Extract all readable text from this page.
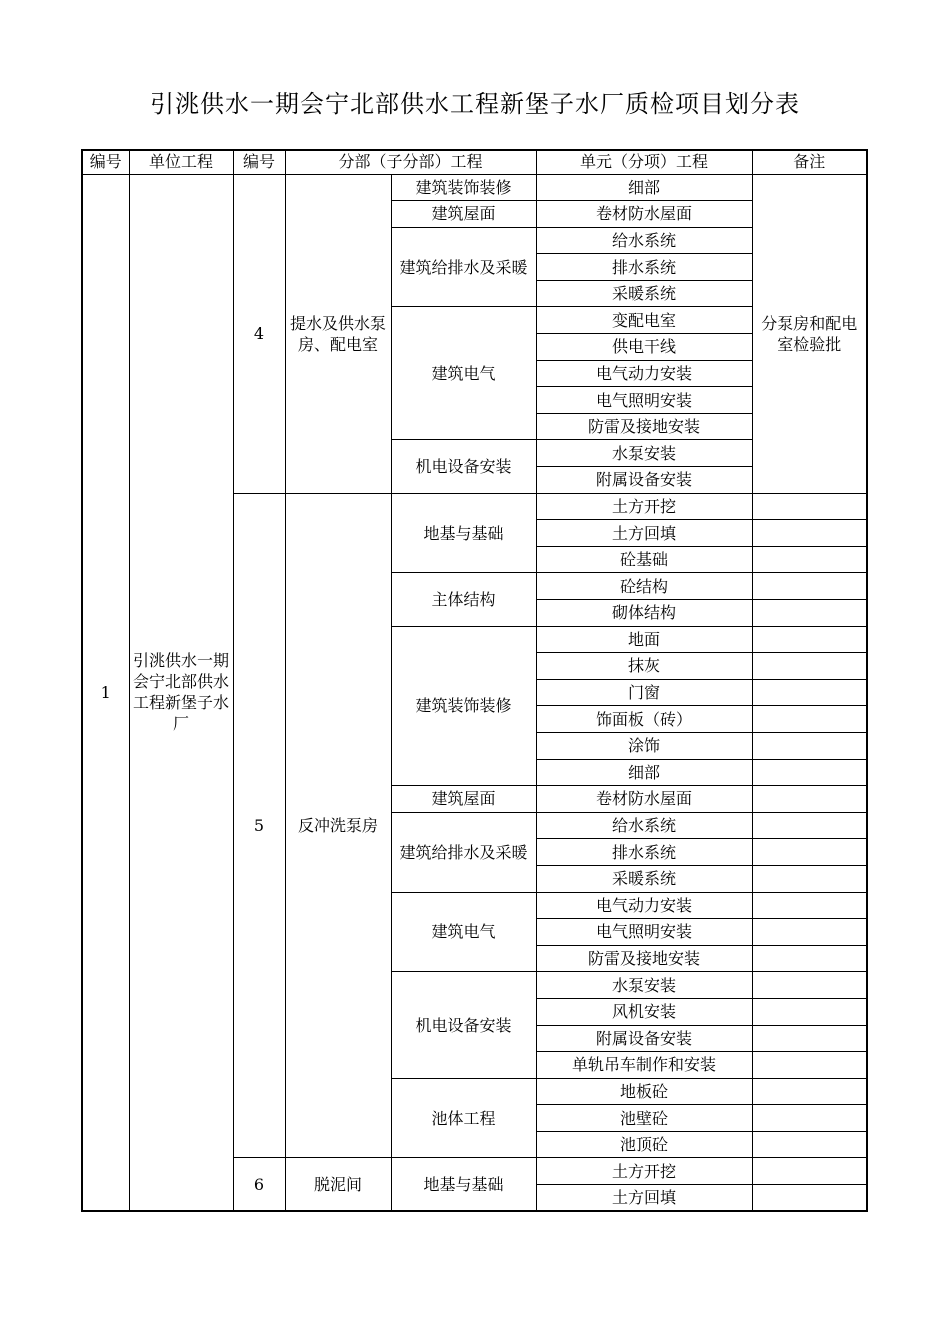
引洮供水一期会宁北部供水工程新堡子水厂质检项目划分表
编号	单位工程	编号	分部（子分部）工程		单元（分项）工程	备注
1	引洮供水一期会宁北部供水工程新堡子水厂	4	提水及供水泵房、配电室	建筑装饰装修	细部	分泵房和配电室检验批
				建筑屋面	卷材防水屋面	
				建筑给排水及采暖	给水系统	
					排水系统	
					采暖系统	
				建筑电气	变配电室	
					供电干线	
					电气动力安装	
					电气照明安装	
					防雷及接地安装	
				机电设备安装	水泵安装	
					附属设备安装	
		5	反冲洗泵房	地基与基础	土方开挖	
					土方回填	
					砼基础	
				主体结构	砼结构	
					砌体结构	
				建筑装饰装修	地面	
					抹灰	
					门窗	
					饰面板（砖）	
					涂饰	
					细部	
				建筑屋面	卷材防水屋面	
				建筑给排水及采暖	给水系统	
					排水系统	
					采暖系统	
				建筑电气	电气动力安装	
					电气照明安装	
					防雷及接地安装	
				机电设备安装	水泵安装	
					风机安装	
					附属设备安装	
					单轨吊车制作和安装	
				池体工程	地板砼	
					池壁砼	
					池顶砼	
		6	脱泥间	地基与基础	土方开挖	
					土方回填	
